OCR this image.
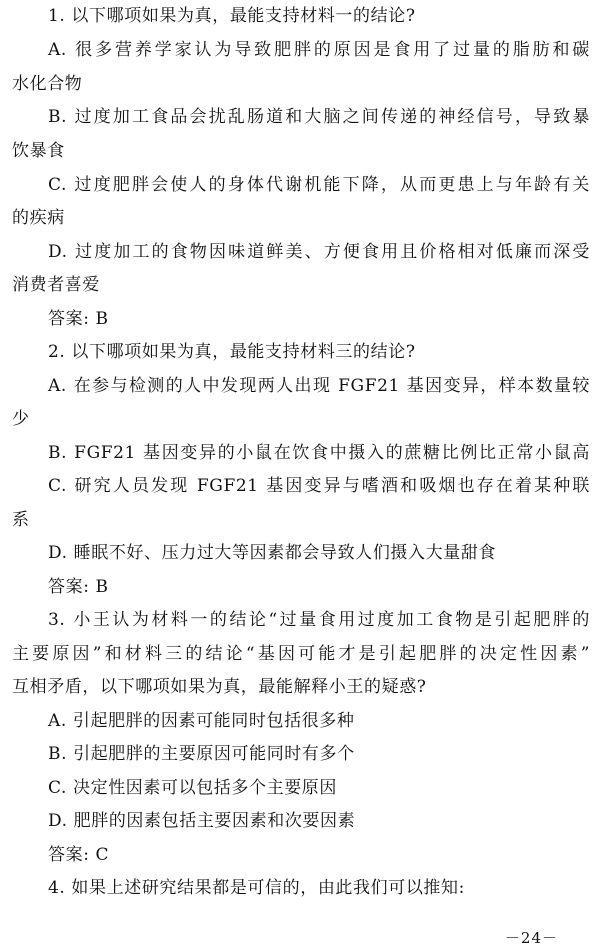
1. 以下哪项如果为真，最能支持材料一的结论?
A. 很多营养学家认为导致肥胖的原因是食用了过量的脂肪和碳
水化合物
B. 过度加工食品会扰乱肠道和大脑之间传递的神经信号，导致暴
饮暴食
C. 过度肥胖会使人的身体代谢机能下降，从而更患上与年龄有关
的疾病
D. 过度加工的食物因味道鲜美、方便食用且价格相对低廉而深受
消费者喜爱
答案: B
2. 以下哪项如果为真，最能支持材料三的结论?
A. 在参与检测的人中发现两人出现 FGF21 基因变异，样本数量较
少
B. FGF21 基因变异的小鼠在饮食中摄入的蔗糖比例比正常小鼠高
C. 研究人员发现 FGF21 基因变异与嗜酒和吸烟也存在着某种联
系
D. 睡眠不好、压力过大等因素都会导致人们摄入大量甜食
答案: B
3. 小王认为材料一的结论“过量食用过度加工食物是引起肥胖的
主要原因”和材料三的结论“基因可能才是引起肥胖的决定性因素”
互相矛盾，以下哪项如果为真，最能解释小王的疑惑?
A. 引起肥胖的因素可能同时包括很多种
B. 引起肥胖的主要原因可能同时有多个
C. 决定性因素可以包括多个主要原因
D. 肥胖的因素包括主要因素和次要因素
答案: C
4. 如果上述研究结果都是可信的，由此我们可以推知:
－24－
